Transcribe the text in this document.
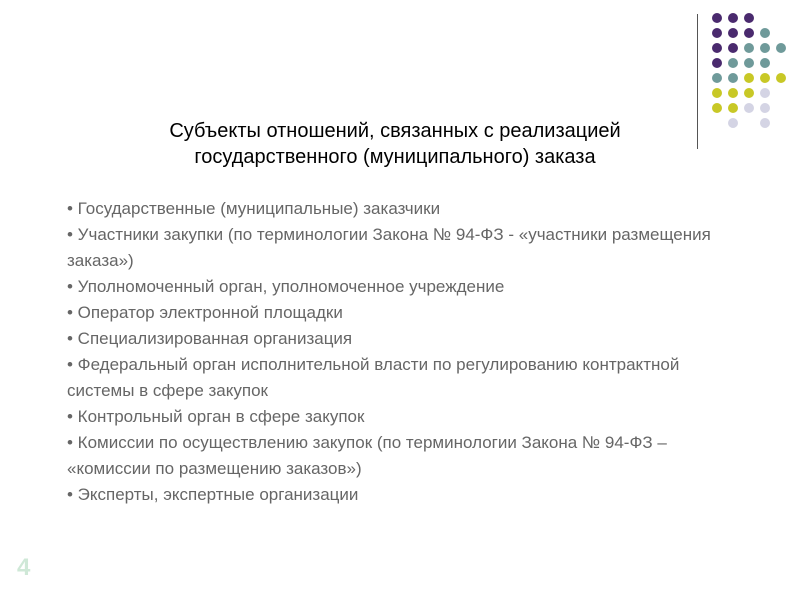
Субъекты отношений, связанных с реализацией
государственного (муниципального) заказа

• Государственные (муниципальные) заказчики

• Участники закупки (по терминологии Закона № 94-ФЗ - «участники размещения заказа»)

• Уполномоченный орган, уполномоченное учреждение

• Оператор электронной площадки

• Специализированная организация

• Федеральный орган исполнительной власти по регулированию контрактной системы в сфере закупок

• Контрольный орган в сфере закупок

• Комиссии по осуществлению закупок (по терминологии Закона № 94-ФЗ – «комиссии по размещению заказов»)

• Эксперты, экспертные организации

4
